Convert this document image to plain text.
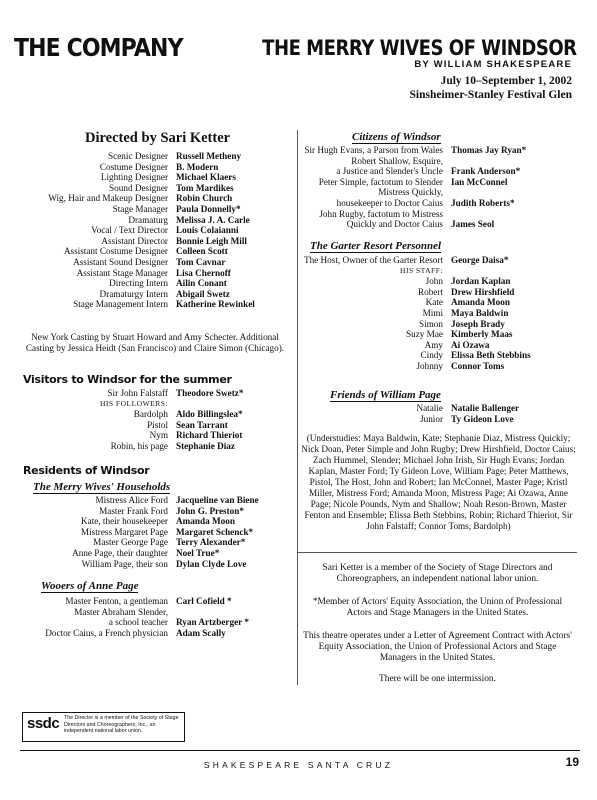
THE COMPANY	THE MERRY WIVES OF WINDSOR
BY WILLIAM SHAKESPEARE
July 10–September 1, 2002
Sinsheimer-Stanley Festival Glen
Directed by Sari Ketter
Scenic Designer	Russell Metheny
Costume Designer	B. Modern
Lighting Designer	Michael Klaers
Sound Designer	Tom Mardikes
Wig, Hair and Makeup Designer	Robin Church
Stage Manager	Paula Donnelly*
Dramaturg	Melissa J. A. Carle
Vocal / Text Director	Louis Colaianni
Assistant Director	Bonnie Leigh Mill
Assistant Costume Designer	Colleen Scott
Assistant Sound Designer	Tom Cavnar
Assistant Stage Manager	Lisa Chernoff
Directing Intern	Ailin Conant
Dramaturgy Intern	Abigail Swetz
Stage Management Intern	Katherine Rewinkel
New York Casting by Stuart Howard and Amy Schecter. Additional Casting by Jessica Heidt (San Francisco) and Claire Simon (Chicago).
Visitors to Windsor for the summer
Sir John Falstaff	Theodore Swetz*
HIS FOLLOWERS:	
Bardolph	Aldo Billingslea*
Pistol	Sean Tarrant
Nym	Richard Thieriot
Robin, his page	Stephanie Diaz
Residents of Windsor
The Merry Wives' Households
Mistress Alice Ford	Jacqueline van Biene
Master Frank Ford	John G. Preston*
Kate, their housekeeper	Amanda Moon
Mistress Margaret Page	Margaret Schenck*
Master George Page	Terry Alexander*
Anne Page, their daughter	Noel True*
William Page, their son	Dylan Clyde Love
Wooers of Anne Page
Master Fenton, a gentleman	Carl Cofield *
Master Abraham Slender,	
a school teacher	Ryan Artzberger *
Doctor Caius, a French physician	Adam Scally
Citizens of Windsor
Sir Hugh Evans, a Parson from Wales	Thomas Jay Ryan*
Robert Shallow, Esquire,	
a Justice and Slender's Uncle	Frank Anderson*
Peter Simple, factotum to Slender	Ian McConnel
Mistress Quickly,	
housekeeper to Doctor Caius	Judith Roberts*
John Rugby, factotum to Mistress	
Quickly and Doctor Caius	James Seol
The Garter Resort Personnel
The Host, Owner of the Garter Resort	George Daisa*
HIS STAFF:	
John	Jordan Kaplan
Robert	Drew Hirshfield
Kate	Amanda Moon
Mimi	Maya Baldwin
Simon	Joseph Brady
Suzy Mae	Kimberly Maas
Amy	Ai Ozawa
Cindy	Elissa Beth Stebbins
Johnny	Connor Toms
Friends of William Page
Natalie	Natalie Ballenger
Junior	Ty Gideon Love
(Understudies: Maya Baldwin, Kate; Stephanie Diaz, Mistress Quickly; Nick Doan, Peter Simple and John Rugby; Drew Hirshfield, Doctor Caius; Zach Hummel, Slender; Michael John Irish, Sir Hugh Evans; Jordan Kaplan, Master Ford; Ty Gideon Love, William Page; Peter Matthews, Pistol, The Host, John and Robert; Ian McConnel, Master Page; Kristl Miller, Mistress Ford; Amanda Moon, Mistress Page; Ai Ozawa, Anne Page; Nicole Pounds, Nym and Shallow; Noah Reson-Brown, Master Fenton and Ensemble; Elissa Beth Stebbins, Robin; Richard Thieriot, Sir John Falstaff; Connor Toms, Bardolph)
Sari Ketter is a member of the Society of Stage Directors and Choreographers, an independent national labor union.
*Member of Actors' Equity Association, the Union of Professional Actors and Stage Managers in the United States.
This theatre operates under a Letter of Agreement Contract with Actors' Equity Association, the Union of Professional Actors and Stage Managers in the United States.
There will be one intermission.
ssdc The Director is a member of the Society of Stage Directors and Choreographers, Inc., an independent national labor union.
SHAKESPEARE SANTA CRUZ	19
